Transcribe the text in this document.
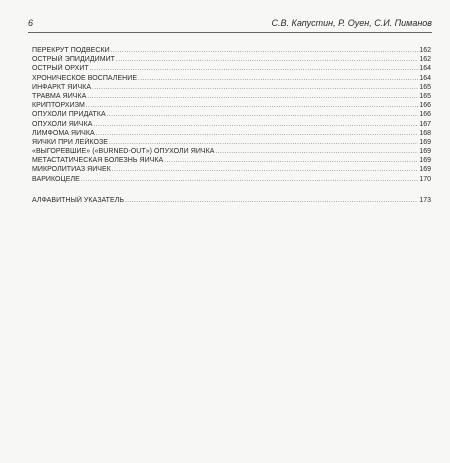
6	С.В. Капустин, Р. Оуен, С.И. Пиманов
ПЕРЕКРУТ ПОДВЕСКИ .....	162
ОСТРЫЙ ЭПИДИДИМИТ .....	162
ОСТРЫЙ ОРХИТ .....	164
ХРОНИЧЕСКОЕ ВОСПАЛЕНИЕ .....	164
ИНФАРКТ ЯИЧКА .....	165
ТРАВМА ЯИЧКА .....	165
КРИПТОРХИЗМ .....	166
ОПУХОЛИ ПРИДАТКА .....	166
ОПУХОЛИ ЯИЧКА .....	167
ЛИМФОМА ЯИЧКА .....	168
ЯИЧКИ ПРИ ЛЕЙКОЗЕ .....	169
«ВЫГОРЕВШИЕ» («BURNED-OUT») ОПУХОЛИ ЯИЧКА .....	169
МЕТАСТАТИЧЕСКАЯ БОЛЕЗНЬ ЯИЧКА .....	169
МИКРОЛИТИАЗ ЯИЧЕК .....	169
ВАРИКОЦЕЛЕ .....	170
АЛФАВИТНЫЙ УКАЗАТЕЛЬ .....	173
